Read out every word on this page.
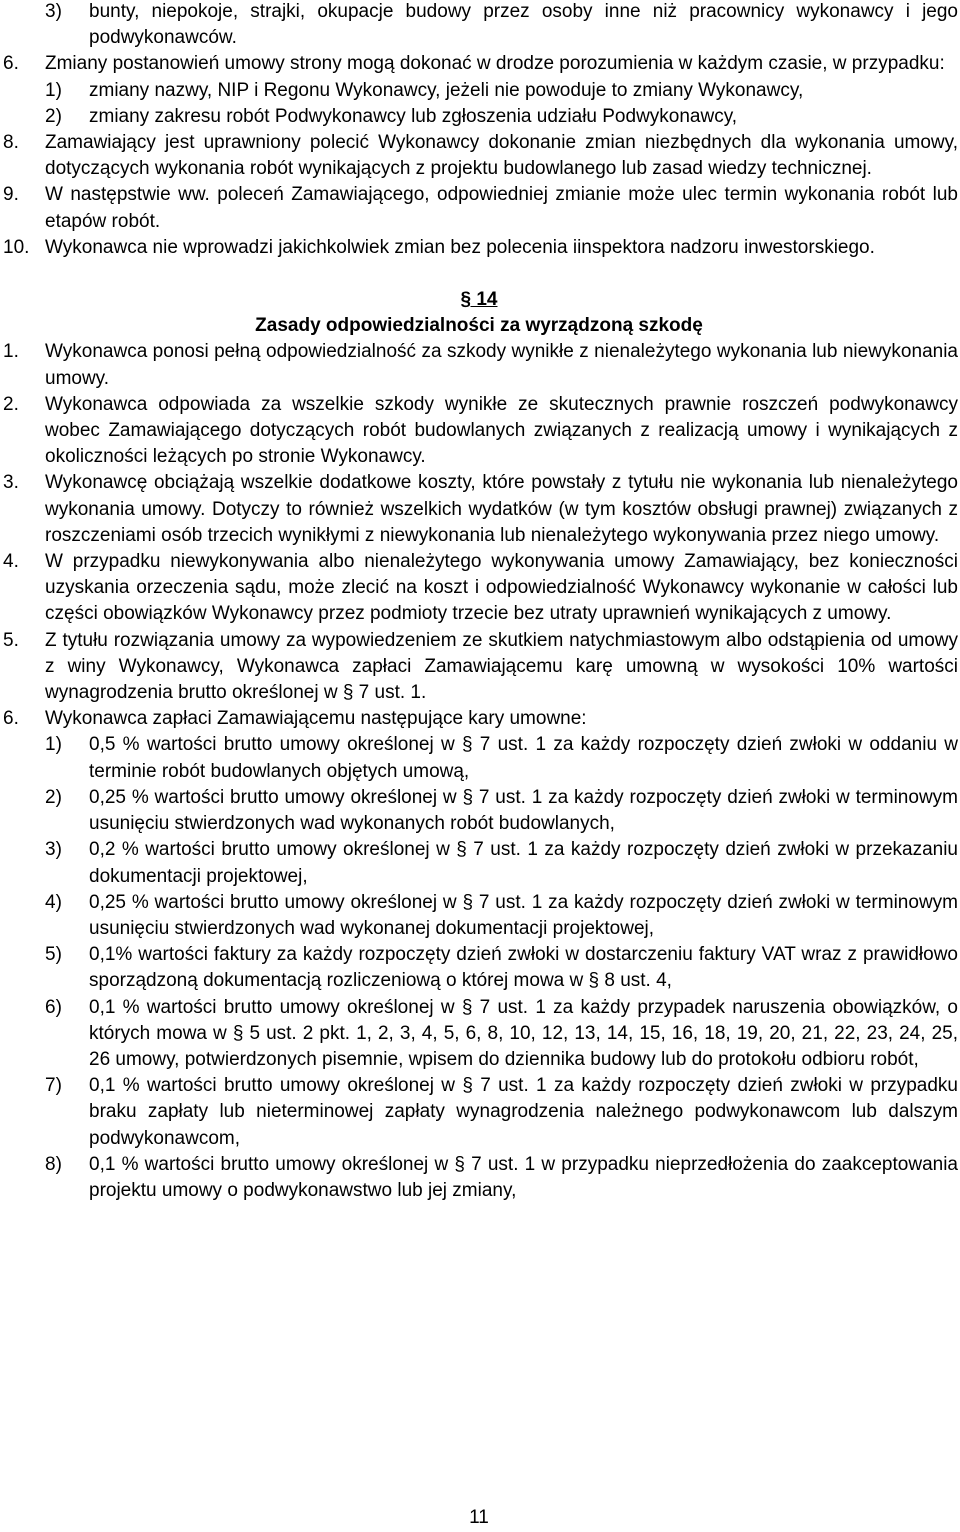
3) bunty, niepokoje, strajki, okupacje budowy przez osoby inne niż pracownicy wykonawcy i jego podwykonawców.
6. Zmiany postanowień umowy strony mogą dokonać w drodze porozumienia w każdym czasie, w przypadku:
1) zmiany nazwy, NIP i Regonu Wykonawcy, jeżeli nie powoduje to zmiany Wykonawcy,
2) zmiany zakresu robót Podwykonawcy lub zgłoszenia udziału Podwykonawcy,
8. Zamawiający jest uprawniony polecić Wykonawcy dokonanie zmian niezbędnych dla wykonania umowy, dotyczących wykonania robót wynikających z projektu budowlanego lub zasad wiedzy technicznej.
9. W następstwie ww. poleceń Zamawiającego, odpowiedniej zmianie może ulec termin wykonania robót lub etapów robót.
10. Wykonawca nie wprowadzi jakichkolwiek zmian bez polecenia iinspektora nadzoru inwestorskiego.
§ 14
Zasady odpowiedzialności za wyrządzoną szkodę
1. Wykonawca ponosi pełną odpowiedzialność za szkody wynikłe z nienależytego wykonania lub niewykonania umowy.
2. Wykonawca odpowiada za wszelkie szkody wynikłe ze skutecznych prawnie roszczeń podwykonawcy wobec Zamawiającego dotyczących robót budowlanych związanych z realizacją umowy i wynikających z okoliczności leżących po stronie Wykonawcy.
3. Wykonawcę obciążają wszelkie dodatkowe koszty, które powstały z tytułu nie wykonania lub nienależytego wykonania umowy. Dotyczy to również wszelkich wydatków (w tym kosztów obsługi prawnej) związanych z roszczeniami osób trzecich wynikłymi z niewykonania lub nienależytego wykonywania przez niego umowy.
4. W przypadku niewykonywania albo nienależytego wykonywania umowy Zamawiający, bez konieczności uzyskania orzeczenia sądu, może zlecić na koszt i odpowiedzialność Wykonawcy wykonanie w całości lub części obowiązków Wykonawcy przez podmioty trzecie bez utraty uprawnień wynikających z umowy.
5. Z tytułu rozwiązania umowy za wypowiedzeniem ze skutkiem natychmiastowym albo odstąpienia od umowy z winy Wykonawcy, Wykonawca zapłaci Zamawiającemu karę umowną w wysokości 10% wartości wynagrodzenia brutto określonej w § 7 ust. 1.
6. Wykonawca zapłaci Zamawiającemu następujące kary umowne:
1) 0,5 % wartości brutto umowy określonej w § 7 ust. 1 za każdy rozpoczęty dzień zwłoki w oddaniu w terminie robót budowlanych objętych umową,
2) 0,25 % wartości brutto umowy określonej w § 7 ust. 1 za każdy rozpoczęty dzień zwłoki w terminowym usunięciu stwierdzonych wad wykonanych robót budowlanych,
3) 0,2 % wartości brutto umowy określonej w § 7 ust. 1 za każdy rozpoczęty dzień zwłoki w przekazaniu dokumentacji projektowej,
4) 0,25 % wartości brutto umowy określonej w § 7 ust. 1 za każdy rozpoczęty dzień zwłoki w terminowym usunięciu stwierdzonych wad wykonanej dokumentacji projektowej,
5) 0,1% wartości faktury za każdy rozpoczęty dzień zwłoki w dostarczeniu faktury VAT wraz z prawidłowo sporządzoną dokumentacją rozliczeniową o której mowa w § 8 ust. 4,
6) 0,1 % wartości brutto umowy określonej w § 7 ust. 1 za każdy przypadek naruszenia obowiązków, o których mowa w § 5 ust. 2 pkt. 1, 2, 3, 4, 5, 6, 8, 10, 12, 13, 14, 15, 16, 18, 19, 20, 21, 22, 23, 24, 25, 26 umowy, potwierdzonych pisemnie, wpisem do dziennika budowy lub do protokołu odbioru robót,
7) 0,1 % wartości brutto umowy określonej w § 7 ust. 1 za każdy rozpoczęty dzień zwłoki w przypadku braku zapłaty lub nieterminowej zapłaty wynagrodzenia należnego podwykonawcom lub dalszym podwykonawcom,
8) 0,1 % wartości brutto umowy określonej w § 7 ust. 1 w przypadku nieprzedłożenia do zaakceptowania projektu umowy o podwykonawstwo lub jej zmiany,
11
